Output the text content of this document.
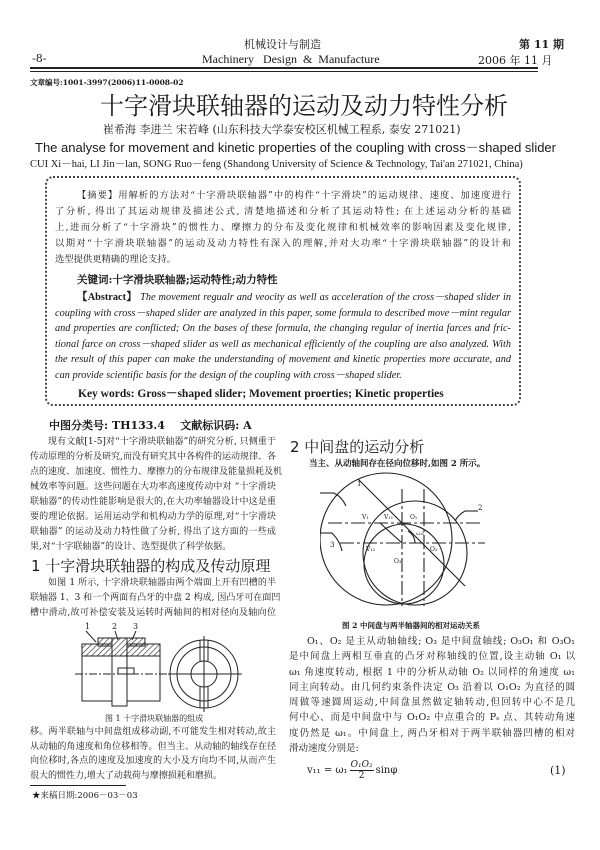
机械设计与制造	第 11 期
-8-	Machinery   Design  &  Manufacture	2006 年 11 月
文章编号:1001-3997(2006)11-0008-02
十字滑块联轴器的运动及动力特性分析
崔希海 李进兰 宋若峰 (山东科技大学泰安校区机械工程系, 泰安 271021)
The analyse for movement and kinetic properties of the coupling with cross－shaped slider
CUI Xi－hai, LI Jin－lan, SONG Ruo－feng (Shandong University of Science & Technology, Tai'an 271021, China)
【摘要】用解析的方法对“十字滑块联轴器”中的构件“十字滑块”的运动规律、速度、加速度进行
了分析, 得出了其运动规律及描述公式, 清楚地描述和分析了其运动特性; 在上述运动分析的基础
上,进而分析了“十字滑块”的惯性力、摩擦力的分布及变化规律和机械效率的影响因素及变化规律,
以期对“十字滑块联轴器”的运动及动力特性有深入的理解,并对大功率“十字滑块联轴器”的设计和
选型提供更精确的理论支持。
关键词:十字滑块联轴器;运动特性;动力特性
【Abstract】 The movement regualr and veocity as well as acceleration of the cross－shaped slider in
coupling with cross－shaped slider are analyzed in this paper, some formula to described move－mint regular
and properties are conflicted; On the bases of these formula, the changing regular of inertia farces and fric-
tional farce on cross－shaped slider as well as mechanical efficiently of the coupling are also analyzed. With
the result of this paper can make the understanding of movement and kinetic properties more accurate, and
can provide scientific basis for the design of the coupling with cross－shaped slider.
Key words: Gross－shaped slider; Movement proerties; Kinetic properties
中图分类号: TH133.4    文献标识码: A
现有文献[1-5]对“十字滑块联轴器”的研究分析, 只侧重于
传动原理的分析及研究,而没有研究其中各构件的运动规律、各
点的速度、加速度、惯性力、摩擦力的分布规律及能量损耗及机
械效率等问题。这些问题在大功率高速度传动中对 “十字滑块
联轴器”的传动性能影响是很大的,在大功率轴器设计中这是重
要的理论依据。运用运动学和机构动力学的原理,对“十字滑块
联轴器” 的运动及动力特性做了分析, 得出了这方面的一些成
果,对“十字联轴器”的设计、选型提供了科学依据。
1 十字滑块联轴器的构成及传动原理
如图 1 所示, 十字滑块联轴器由两个端面上开有凹槽的半
联轴器 1、3 和一个两面有凸牙的中盘 2 构成, 因凸牙可在面凹
槽中滑动,故可补偿安装及运转时两轴间的相对径向及轴向位
1	2 3
图 1 十字滑块联轴器的组成
移。两半联轴与中间盘组成移动副,不可能发生相对转动,故主
从动轴的角速度和角位移相等。但当主、从动轴的轴线存在径
向位移时,各点的速度及加速度的大小及方向均不同,从而产生
很大的惯性力,增大了动载荷与摩擦损耗和磨损。
★来稿日期:2006－03－03
2 中间盘的运动分析
当主、从动轴间存在径向位移时,如图 2 所示。
1
2
3
V₁	V₁₁
V₁₂
O₁
O₂
O₃
ω₁t
图 2 中间盘与两半轴器间的相对运动关系
O₁、O₂ 是主从动轴轴线; O₃ 是中间盘轴线; O₃O₁ 和 O₃O₁
是中间盘上两相互垂直的凸牙对称轴线的位置,设主动轴 O₁ 以
ω₁ 角速度转动, 根据 1 中的分析从动轴 O₂ 以同样的角速度 ω₁
同主向转动。由几何约束条件决定 O₃ 沿着以 O₁O₂ 为直径的圆
周做等速圆周运动,中间盘虽然做定轴转动,但回转中心不是几
何中心、而是中间盘中与 O₁O₂ 中点重合的 Pₛ 点、其转动角速
度仍然是 ω₁。中间盘上, 两凸牙相对于两半联轴器凹槽的相对
滑动速度分别是:
$v_{11} = \omega_1 \frac{\text{O₁O₂}}{2}$ sinφ	(1)
